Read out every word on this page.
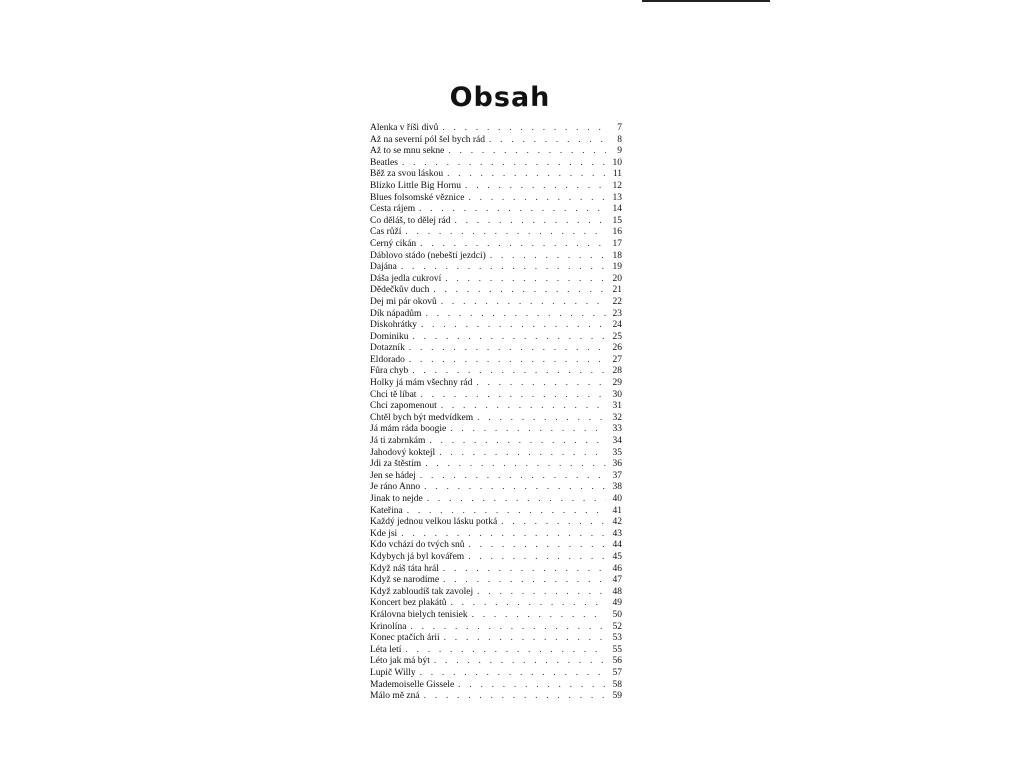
Obsah
Alenka v říši divů . . .	7
Až na severní pól šel bych rád . . .	8
Až to se mnu sekne . . .	9
Beatles . . .	10
Běž za svou láskou . . .	11
Blízko Little Big Hornu . . .	12
Blues folsomské věznice . . .	13
Cesta rájem . . .	14
Co děláš, to dělej rád . . .	15
Čas růží . . .	16
Černý cikán . . .	17
Ďáblovo stádo (nebeští jezdci) . . .	18
Dajána . . .	19
Dáša jedla cukroví . . .	20
Dědečkův duch . . .	21
Dej mi pár okovů . . .	22
Dík nápadům . . .	23
Diskohrátky . . .	24
Dominiku . . .	25
Dotazník . . .	26
Eldorado . . .	27
Fůra chyb . . .	28
Holky já mám všechny rád . . .	29
Chci tě líbat . . .	30
Chci zapomenout . . .	31
Chtěl bych být medvídkem . . .	32
Já mám ráda boogie . . .	33
Já ti zabrnkám . . .	34
Jahodový koktejl . . .	35
Jdi za štěstím . . .	36
Jen se hádej . . .	37
Je ráno Anno . . .	38
Jinak to nejde . . .	40
Kateřina . . .	41
Každý jednou velkou lásku potká . . .	42
Kde jsi . . .	43
Kdo vchází do tvých snů . . .	44
Kdybych já byl kovářem . . .	45
Když náš táta hrál . . .	46
Když se narodíme . . .	47
Když zabloudíš tak zavolej . . .	48
Koncert bez plakátů . . .	49
Královna bielych tenisiek . . .	50
Krinolína . . .	52
Konec ptačích árií . . .	53
Léta letí . . .	55
Léto jak má být . . .	56
Lupič Willy . . .	57
Mademoiselle Gissele . . .	58
Málo mě zná . . .	59
